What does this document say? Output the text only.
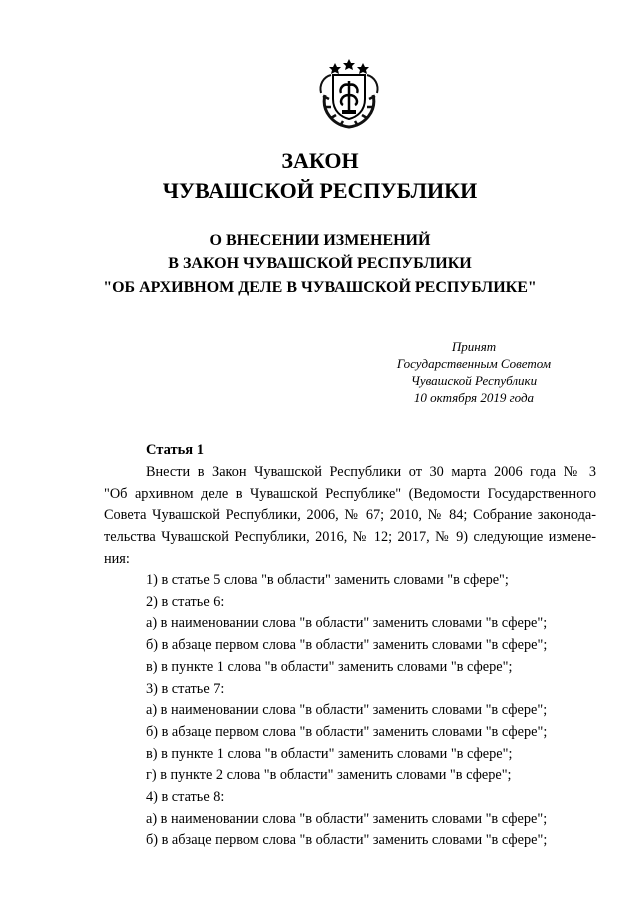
ЗАКОН
ЧУВАШСКОЙ РЕСПУБЛИКИ
О ВНЕСЕНИИ ИЗМЕНЕНИЙ
В ЗАКОН ЧУВАШСКОЙ РЕСПУБЛИКИ
"ОБ АРХИВНОМ ДЕЛЕ В ЧУВАШСКОЙ РЕСПУБЛИКЕ"
Принят
Государственным Советом
Чувашской Республики
10 октября 2019 года
Статья 1
Внести в Закон Чувашской Республики от 30 марта 2006 года № 3
"Об архивном деле в Чувашской Республике" (Ведомости Государственного
Совета Чувашской Республики, 2006, № 67; 2010, № 84; Собрание законода-
тельства Чувашской Республики, 2016, № 12; 2017, № 9) следующие измене-
ния:
1) в статье 5 слова "в области" заменить словами "в сфере";
2) в статье 6:
а) в наименовании слова "в области" заменить словами "в сфере";
б) в абзаце первом слова "в области" заменить словами "в сфере";
в) в пункте 1 слова "в области" заменить словами "в сфере";
3) в статье 7:
а) в наименовании слова "в области" заменить словами "в сфере";
б) в абзаце первом слова "в области" заменить словами "в сфере";
в) в пункте 1 слова "в области" заменить словами "в сфере";
г) в пункте 2 слова "в области" заменить словами "в сфере";
4) в статье 8:
а) в наименовании слова "в области" заменить словами "в сфере";
б) в абзаце первом слова "в области" заменить словами "в сфере";
